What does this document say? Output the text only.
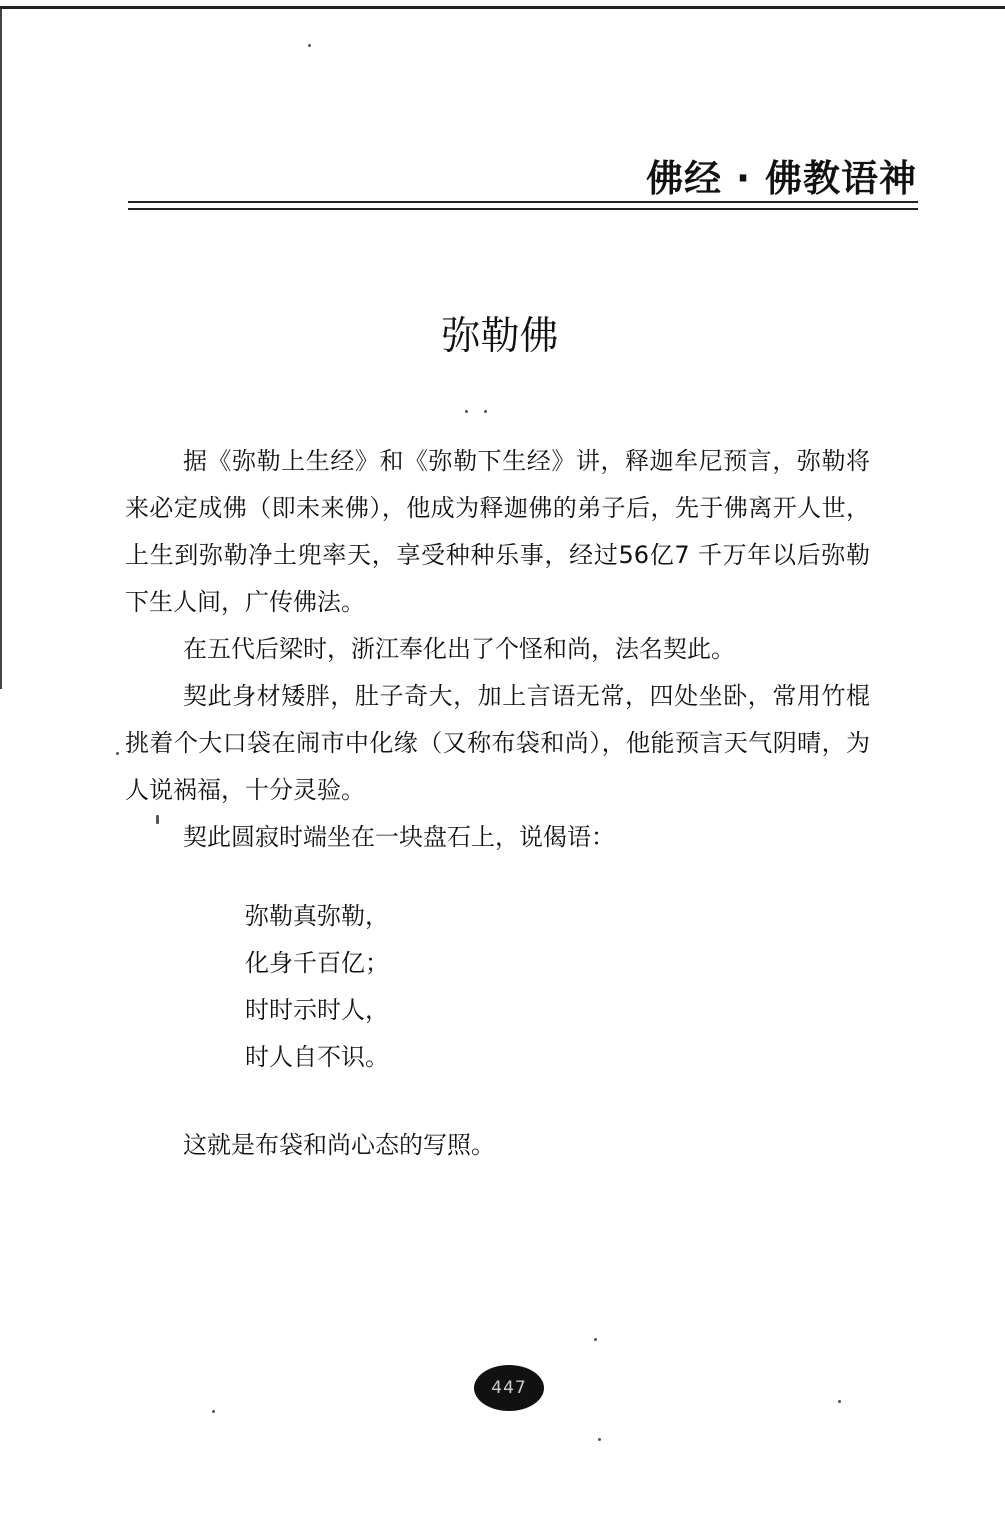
佛经 · 佛教语神
弥勒佛

据《弥勒上生经》和《弥勒下生经》讲，释迦牟尼预言，弥勒将来必定成佛（即未来佛），他成为释迦佛的弟子后，先于佛离开人世，上生到弥勒净土兜率天，享受种种乐事，经过56亿7 千万年以后弥勒下生人间，广传佛法。

在五代后梁时，浙江奉化出了个怪和尚，法名契此。

契此身材矮胖，肚子奇大，加上言语无常，四处坐卧，常用竹棍挑着个大口袋在闹市中化缘（又称布袋和尚），他能预言天气阴晴，为人说祸福，十分灵验。

契此圆寂时端坐在一块盘石上，说偈语：

弥勒真弥勒，
化身千百亿；
时时示时人，
时人自不识。
这就是布袋和尚心态的写照。
447
